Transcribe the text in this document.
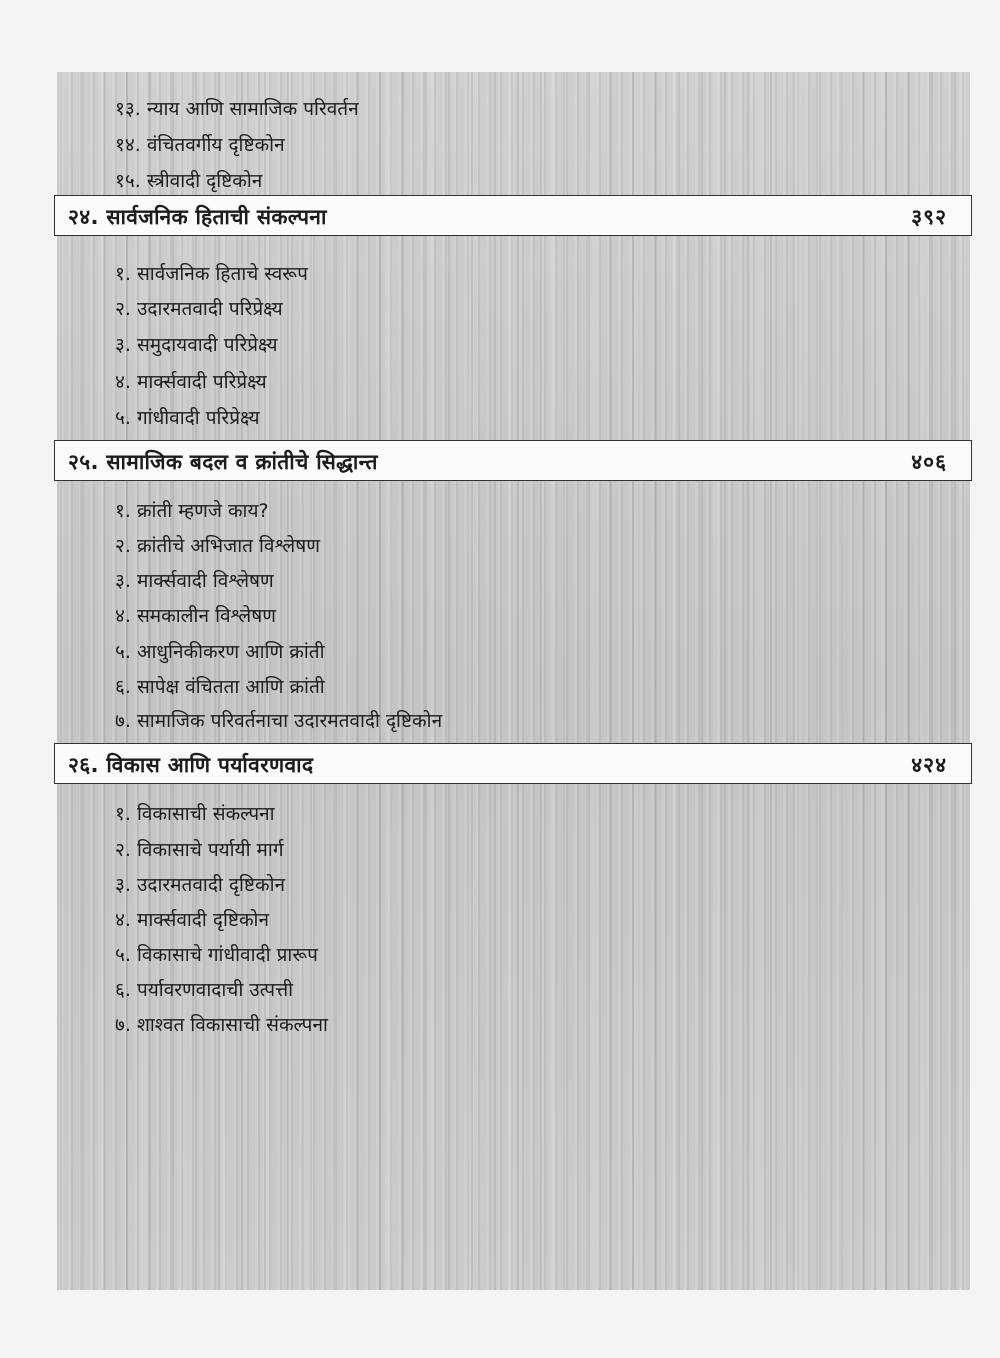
१३. न्याय आणि सामाजिक परिवर्तन
१४. वंचितवर्गीय दृष्टिकोन
१५. स्त्रीवादी दृष्टिकोन
२४. सार्वजनिक हिताची संकल्पना	३९२
१. सार्वजनिक हिताचे स्वरूप
२. उदारमतवादी परिप्रेक्ष्य
३. समुदायवादी परिप्रेक्ष्य
४. मार्क्सवादी परिप्रेक्ष्य
५. गांधीवादी परिप्रेक्ष्य
२५. सामाजिक बदल व क्रांतीचे सिद्धान्त	४०६
१. क्रांती म्हणजे काय?
२. क्रांतीचे अभिजात विश्लेषण
३. मार्क्सवादी विश्लेषण
४. समकालीन विश्लेषण
५. आधुनिकीकरण आणि क्रांती
६. सापेक्ष वंचितता आणि क्रांती
७. सामाजिक परिवर्तनाचा उदारमतवादी दृष्टिकोन
२६. विकास आणि पर्यावरणवाद	४२४
१. विकासाची संकल्पना
२. विकासाचे पर्यायी मार्ग
३. उदारमतवादी दृष्टिकोन
४. मार्क्सवादी दृष्टिकोन
५. विकासाचे गांधीवादी प्रारूप
६. पर्यावरणवादाची उत्पत्ती
७. शाश्वत विकासाची संकल्पना
